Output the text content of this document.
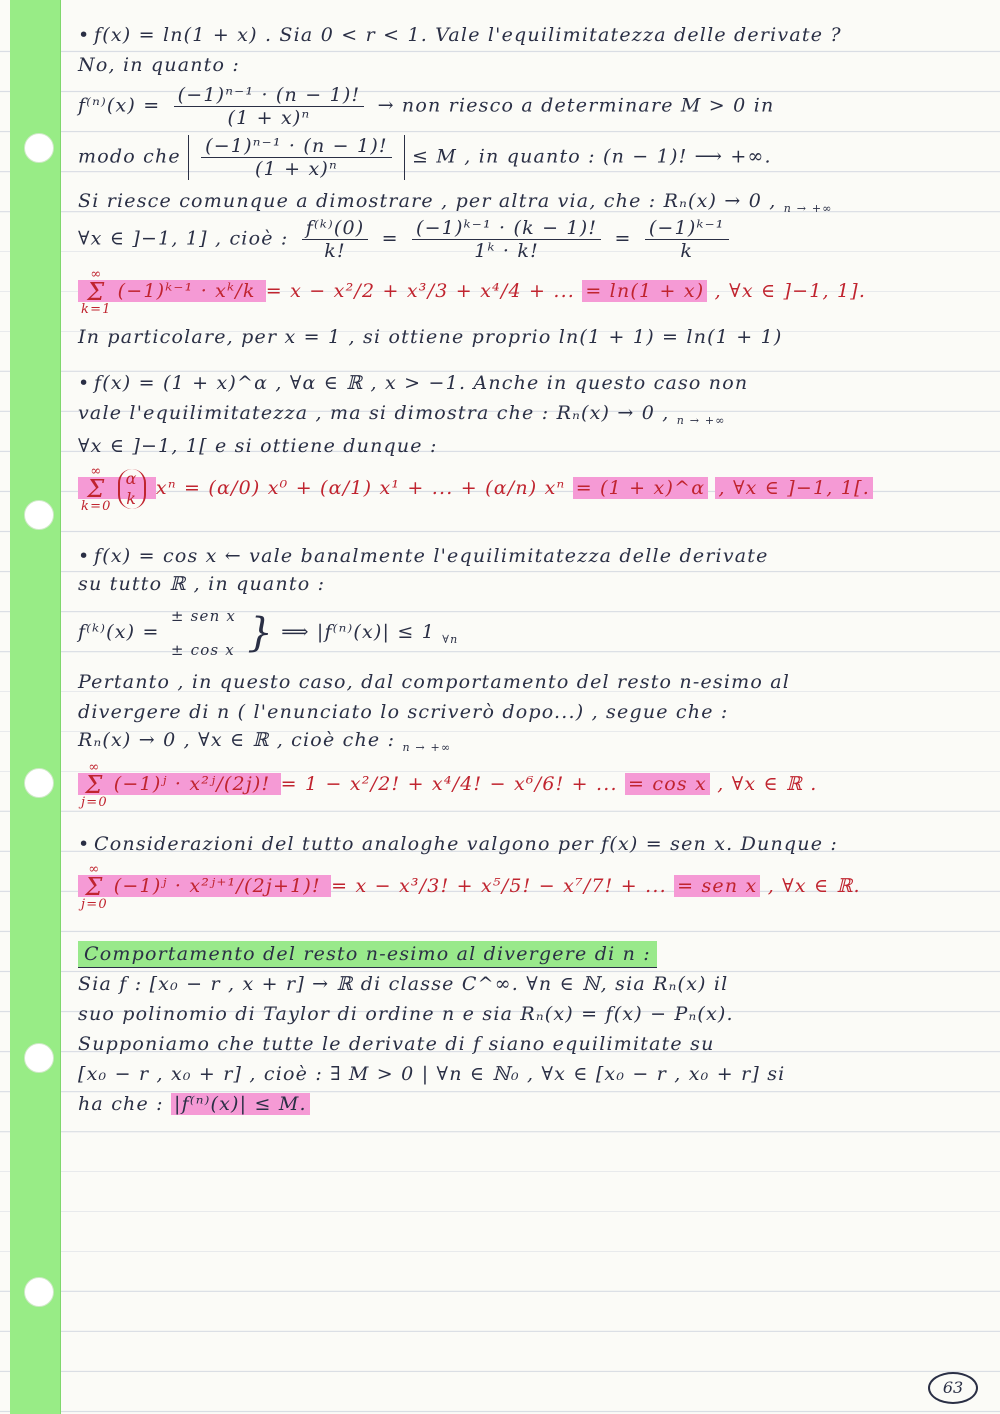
• f(x) = ln(1 + x) . Sia 0 < r < 1. Vale l'equilimitatezza delle derivate ?
No, in quanto :
$f^{(n)}(x) = \frac{\text{(−1)ⁿ⁻¹ · (n − 1)!}}{\text{(1 + x)ⁿ}}$ → non riesco a determinare M > 0 in
modo che $\frac{\text{(−1)ⁿ⁻¹ · (n − 1)!}}{\text{(1 + x)ⁿ}} \le M$ , in quanto : (n − 1)! ⟶ +∞.
Si riesce comunque a dimostrare , per altra via, che : Rₙ(x) → 0 , $_{n \to +\infty}$
∀x ∈ ]−1, 1] , cioè : $\frac{\text{f⁽ᵏ⁾(0)}}{k!} = \frac{\text{(−1)ᵏ⁻¹ · (k − 1)!}}{\text{1ᵏ · k!}} = \frac{\text{(−1)ᵏ⁻¹}}{k}$
∞
Σ
k=1(−1)ᵏ⁻¹ · xᵏ/k = x − x²/2 + x³/3 + x⁴/4 + ... = ln(1 + x) , ∀x ∈ ]−1, 1].
In particolare, per x = 1 , si ottiene proprio ln(1 + 1) = ln(1 + 1)
• f(x) = (1 + x)^α , ∀α ∈ ℝ , x > −1. Anche in questo caso non
vale l'equilimitatezza , ma si dimostra che : Rₙ(x) → 0 , $_{n \to +\infty}$
∀x ∈ ]−1, 1[ e si ottiene dunque :
∞
Σ
k=0α
k xⁿ = (α/0) x⁰ + (α/1) x¹ + ... + (α/n) xⁿ = (1 + x)^α , ∀x ∈ ]−1, 1[.
• f(x) = cos x ← vale banalmente l'equilimitatezza delle derivate
su tutto ℝ , in quanto :
f⁽ᵏ⁾(x) = ± sen x
± cos x } ⟹ |f⁽ⁿ⁾(x)| ≤ 1 $_{\forall n}$
Pertanto , in questo caso, dal comportamento del resto n-esimo al
divergere di n ( l'enunciato lo scriverò dopo...) , segue che :
Rₙ(x) → 0 , ∀x ∈ ℝ , cioè che : $_{n \to +\infty}$
∞
Σ
j=0(−1)ʲ · x²ʲ/(2j)! = 1 − x²/2! + x⁴/4! − x⁶/6! + ... = cos x , ∀x ∈ ℝ .
• Considerazioni del tutto analoghe valgono per f(x) = sen x. Dunque :
∞
Σ
j=0(−1)ʲ · x²ʲ⁺¹/(2j+1)! = x − x³/3! + x⁵/5! − x⁷/7! + ... = sen x , ∀x ∈ ℝ.
Comportamento del resto n-esimo al divergere di n :
Sia f : [x₀ − r , x + r] → ℝ di classe C^∞. ∀n ∈ ℕ, sia Rₙ(x) il
suo polinomio di Taylor di ordine n e sia Rₙ(x) = f(x) − Pₙ(x).
Supponiamo che tutte le derivate di f siano equilimitate su
[x₀ − r , x₀ + r] , cioè : ∃ M > 0 | ∀n ∈ ℕ₀ , ∀x ∈ [x₀ − r , x₀ + r] si
ha che : |f⁽ⁿ⁾(x)| ≤ M.
63
